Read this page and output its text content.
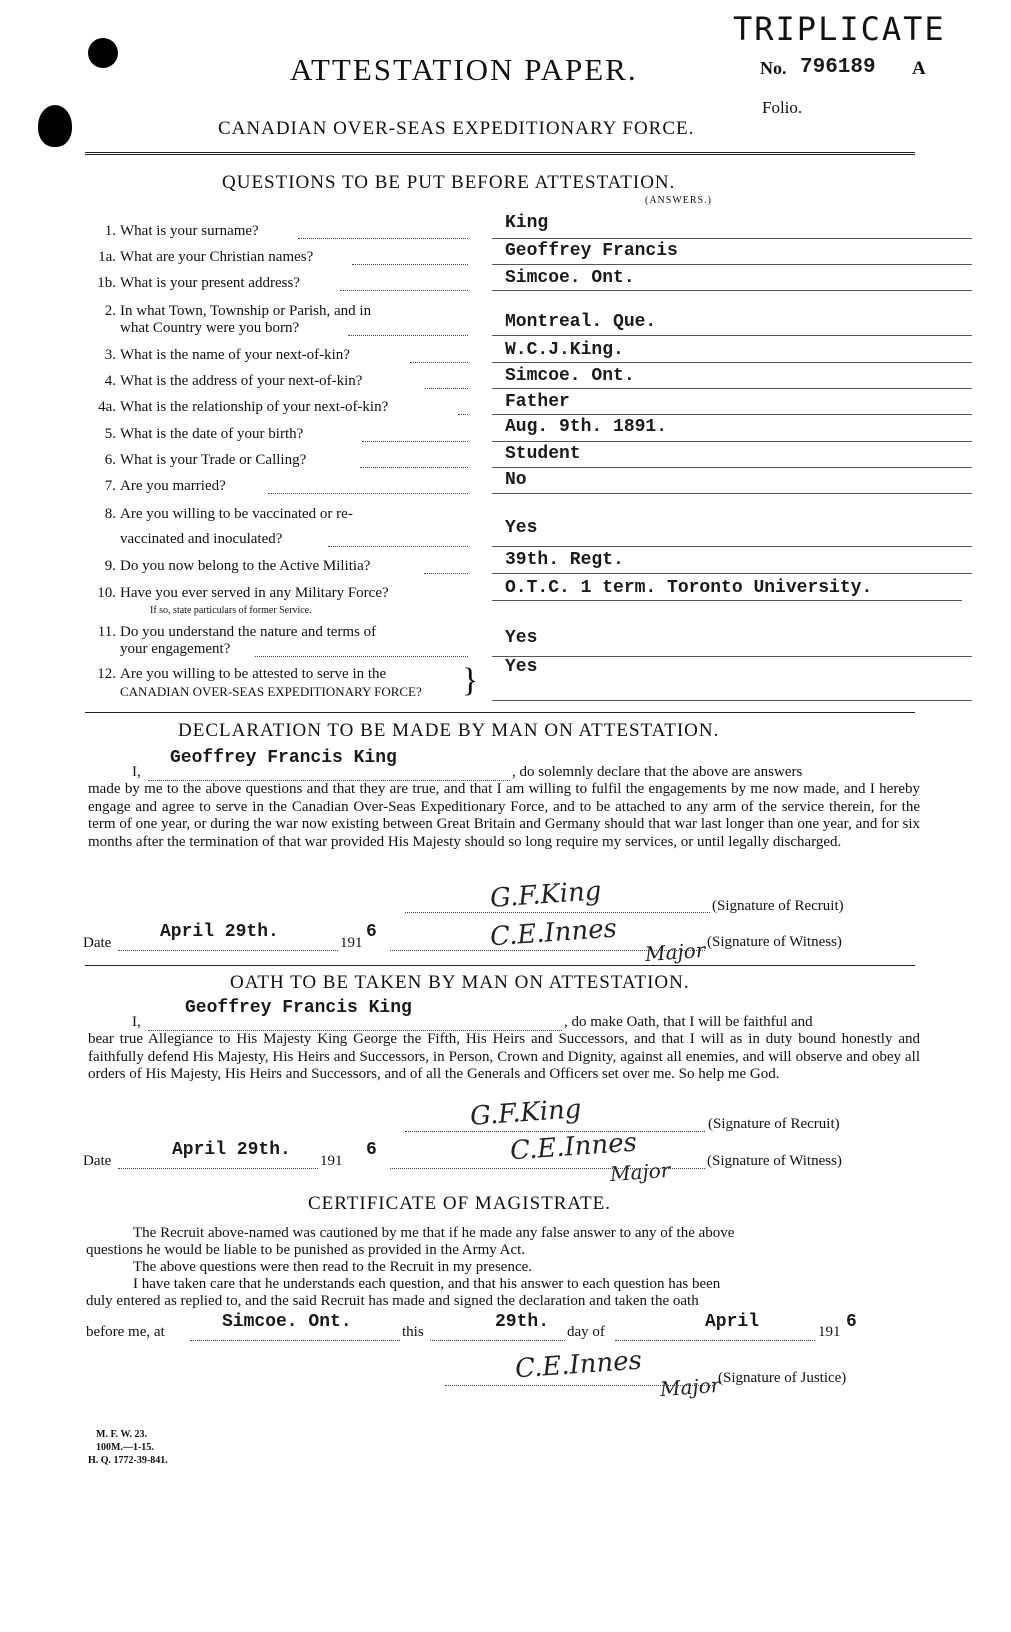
ATTESTATION PAPER.
CANADIAN OVER-SEAS EXPEDITIONARY FORCE.
TRIPLICATE
No. 796189 A
Folio.
QUESTIONS TO BE PUT BEFORE ATTESTATION.
(ANSWERS.)
1. What is your surname?	King
1a. What are your Christian names?	Geoffrey Francis
1b. What is your present address?	Simcoe. Ont.
2. In what Town, Township or Parish, and in
what Country were you born?	Montreal. Que.
3. What is the name of your next-of-kin?	W.C.J.King.
4. What is the address of your next-of-kin?	Simcoe. Ont.
4a. What is the relationship of your next-of-kin?	Father
5. What is the date of your birth?	Aug. 9th. 1891.
6. What is your Trade or Calling?	Student
7. Are you married?	No
8. Are you willing to be vaccinated or re-
vaccinated and inoculated?
Yes
9. Do you now belong to the Active Militia?	39th. Regt.
10. Have you ever served in any Military Force?
If so, state particulars of former Service.
O.T.C. 1 term. Toronto University.
11. Do you understand the nature and terms of
your engagement?
Yes
12. Are you willing to be attested to serve in the
CANADIAN OVER-SEAS EXPEDITIONARY FORCE? } Yes
DECLARATION TO BE MADE BY MAN ON ATTESTATION.
Geoffrey Francis King
I,	, do solemnly declare that the above are answers
made by me to the above questions and that they are true, and that I am willing to fulfil the engagements by me now made, and I hereby engage and agree to serve in the Canadian Over-Seas Expeditionary Force, and to be attached to any arm of the service therein, for the term of one year, or during the war now existing between Great Britain and Germany should that war last longer than one year, and for six months after the termination of that war provided His Majesty should so long require my services, or until legally discharged.
G.F.King	(Signature of Recruit)
Date
April 29th.
191
6	C.E.Innes Major (Signature of Witness)
OATH TO BE TAKEN BY MAN ON ATTESTATION.
Geoffrey Francis King
I,	, do make Oath, that I will be faithful and
bear true Allegiance to His Majesty King George the Fifth, His Heirs and Successors, and that I will as in duty bound honestly and faithfully defend His Majesty, His Heirs and Successors, in Person, Crown and Dignity, against all enemies, and will observe and obey all orders of His Majesty, His Heirs and Successors, and of all the Generals and Officers set over me. So help me God.
G.F.King	(Signature of Recruit)
Date
April 29th.
191
6	C.E.Innes
Major (Signature of Witness)
CERTIFICATE OF MAGISTRATE.
The Recruit above-named was cautioned by me that if he made any false answer to any of the above
questions he would be liable to be punished as provided in the Army Act.
The above questions were then read to the Recruit in my presence.
I have taken care that he understands each question, and that his answer to each question has been
duly entered as replied to, and the said Recruit has made and signed the declaration and taken the oath
before me, at	Simcoe. Ont.	this	29th. day of	April	191 6
C.E.Innes
Major
(Signature of Justice)
M. F. W. 23.
100M.—1-15.
H. Q. 1772-39-841.
